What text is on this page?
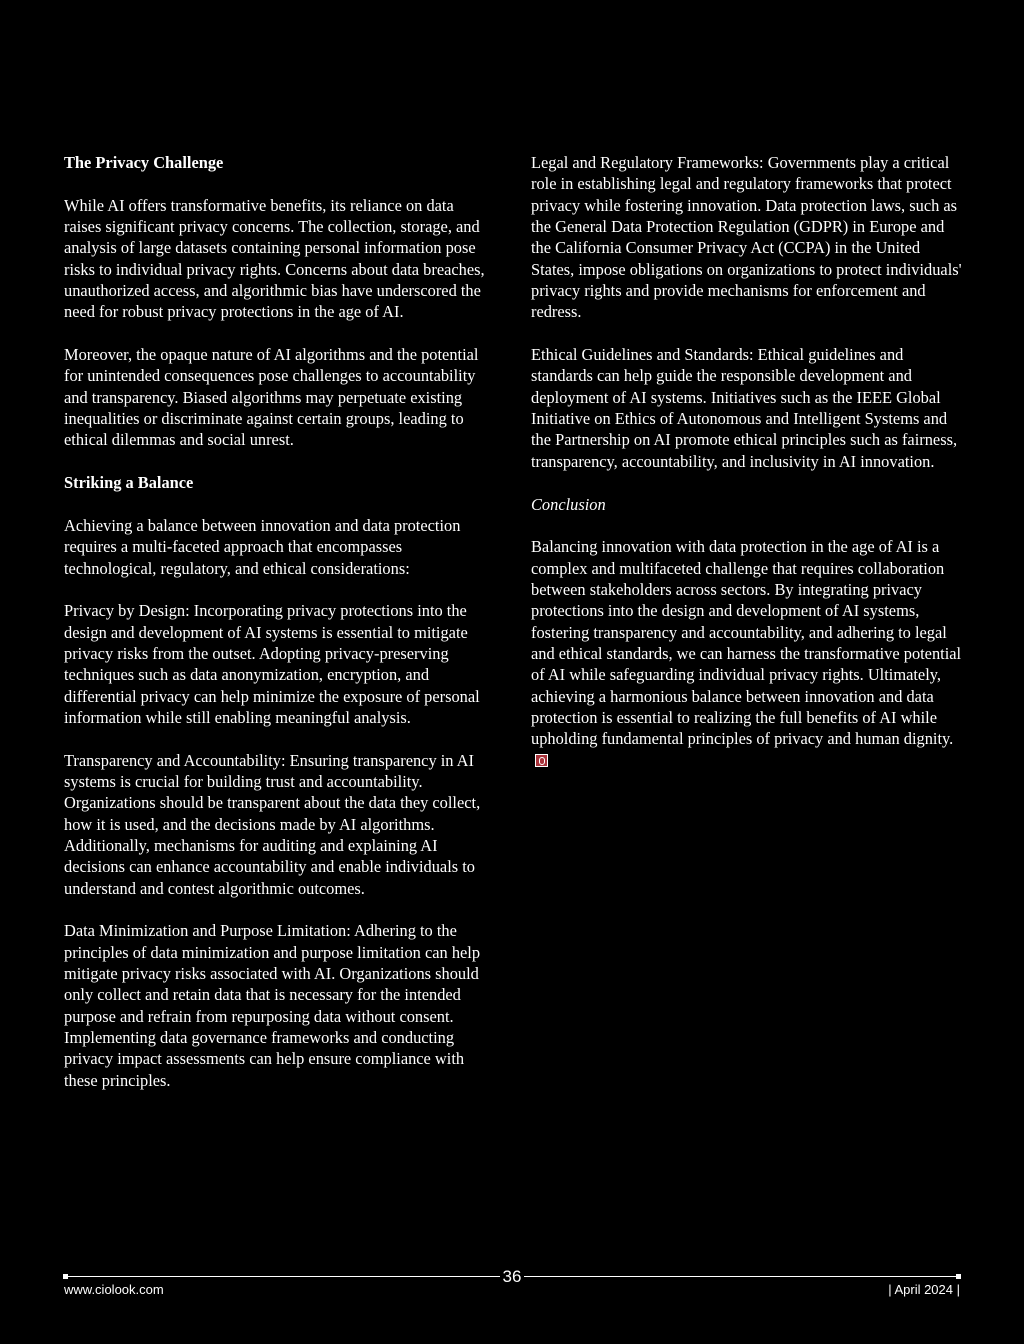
The Privacy Challenge

While AI offers transformative benefits, its reliance on data raises significant privacy concerns. The collection, storage, and analysis of large datasets containing personal information pose risks to individual privacy rights. Concerns about data breaches, unauthorized access, and algorithmic bias have underscored the need for robust privacy protections in the age of AI.

Moreover, the opaque nature of AI algorithms and the potential for unintended consequences pose challenges to accountability and transparency. Biased algorithms may perpetuate existing inequalities or discriminate against certain groups, leading to ethical dilemmas and social unrest.

Striking a Balance

Achieving a balance between innovation and data protection requires a multi-faceted approach that encompasses technological, regulatory, and ethical considerations:

Privacy by Design: Incorporating privacy protections into the design and development of AI systems is essential to mitigate privacy risks from the outset. Adopting privacy-preserving techniques such as data anonymization, encryption, and differential privacy can help minimize the exposure of personal information while still enabling meaningful analysis.

Transparency and Accountability: Ensuring transparency in AI systems is crucial for building trust and accountability. Organizations should be transparent about the data they collect, how it is used, and the decisions made by AI algorithms. Additionally, mechanisms for auditing and explaining AI decisions can enhance accountability and enable individuals to understand and contest algorithmic outcomes.

Data Minimization and Purpose Limitation: Adhering to the principles of data minimization and purpose limitation can help mitigate privacy risks associated with AI. Organizations should only collect and retain data that is necessary for the intended purpose and refrain from repurposing data without consent. Implementing data governance frameworks and conducting privacy impact assessments can help ensure compliance with these principles.

Legal and Regulatory Frameworks: Governments play a critical role in establishing legal and regulatory frameworks that protect privacy while fostering innovation. Data protection laws, such as the General Data Protection Regulation (GDPR) in Europe and the California Consumer Privacy Act (CCPA) in the United States, impose obligations on organizations to protect individuals' privacy rights and provide mechanisms for enforcement and redress.

Ethical Guidelines and Standards: Ethical guidelines and standards can help guide the responsible development and deployment of AI systems. Initiatives such as the IEEE Global Initiative on Ethics of Autonomous and Intelligent Systems and the Partnership on AI promote ethical principles such as fairness, transparency, accountability, and inclusivity in AI innovation.

Conclusion

Balancing innovation with data protection in the age of AI is a complex and multifaceted challenge that requires collaboration between stakeholders across sectors. By integrating privacy protections into the design and development of AI systems, fostering transparency and accountability, and adhering to legal and ethical standards, we can harness the transformative potential of AI while safeguarding individual privacy rights. Ultimately, achieving a harmonious balance between innovation and data protection is essential to realizing the full benefits of AI while upholding fundamental principles of privacy and human dignity.

36
www.ciolook.com	| April 2024 |
